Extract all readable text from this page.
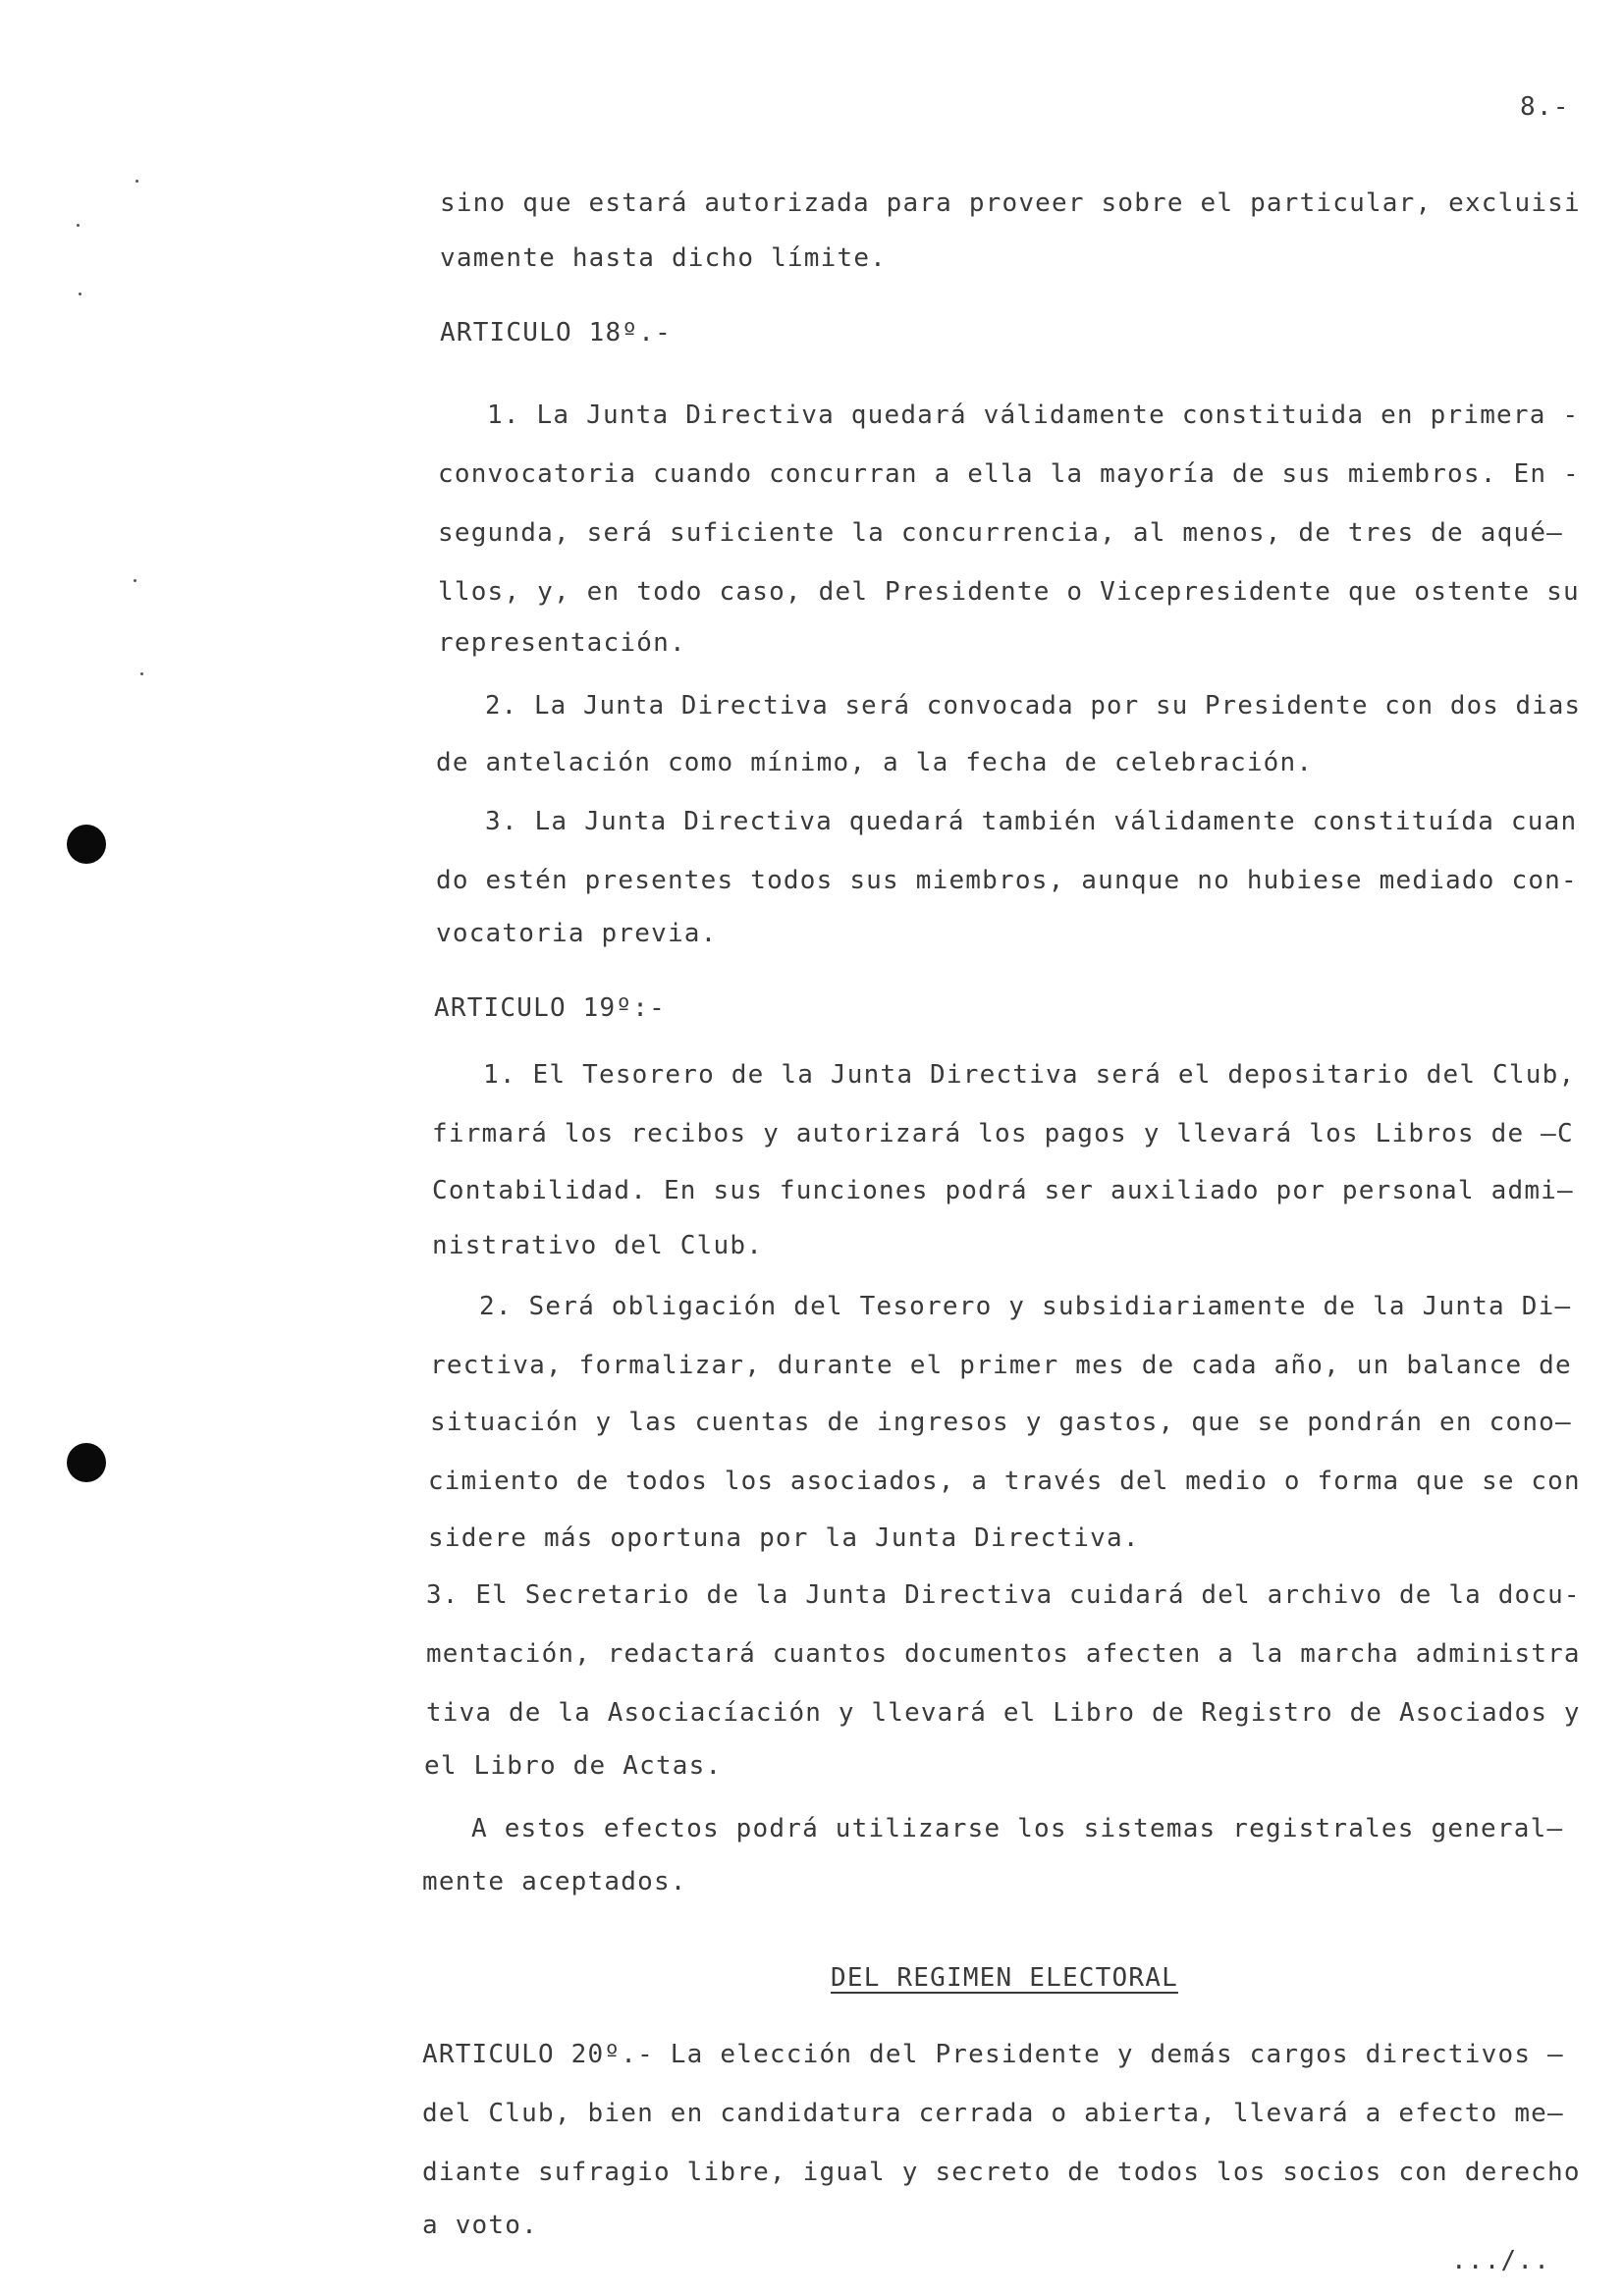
8.-
sino que estará autorizada para proveer sobre el particular, excluisi
vamente hasta dicho límite.
ARTICULO 18º.-
1. La Junta Directiva quedará válidamente constituida en primera -
convocatoria cuando concurran a ella la mayoría de sus miembros. En -
segunda, será suficiente la concurrencia, al menos, de tres de aqué—
llos, y, en todo caso, del Presidente o Vicepresidente que ostente su
representación.
2. La Junta Directiva será convocada por su Presidente con dos dias
de antelación como mínimo, a la fecha de celebración.
3. La Junta Directiva quedará también válidamente constituída cuan
do estén presentes todos sus miembros, aunque no hubiese mediado con-
vocatoria previa.
ARTICULO 19º:-
1. El Tesorero de la Junta Directiva será el depositario del Club,
firmará los recibos y autorizará los pagos y llevará los Libros de —C
Contabilidad. En sus funciones podrá ser auxiliado por personal admi—
nistrativo del Club.
2. Será obligación del Tesorero y subsidiariamente de la Junta Di—
rectiva, formalizar, durante el primer mes de cada año, un balance de
situación y las cuentas de ingresos y gastos, que se pondrán en cono—
cimiento de todos los asociados, a través del medio o forma que se con
sidere más oportuna por la Junta Directiva.
3. El Secretario de la Junta Directiva cuidará del archivo de la docu-
mentación, redactará cuantos documentos afecten a la marcha administra
tiva de la Asociacíación y llevará el Libro de Registro de Asociados y
el Libro de Actas.
A estos efectos podrá utilizarse los sistemas registrales general—
mente aceptados.
DEL REGIMEN ELECTORAL
ARTICULO 20º.- La elección del Presidente y demás cargos directivos —
del Club, bien en candidatura cerrada o abierta, llevará a efecto me—
diante sufragio libre, igual y secreto de todos los socios con derecho
a voto.
.../..
